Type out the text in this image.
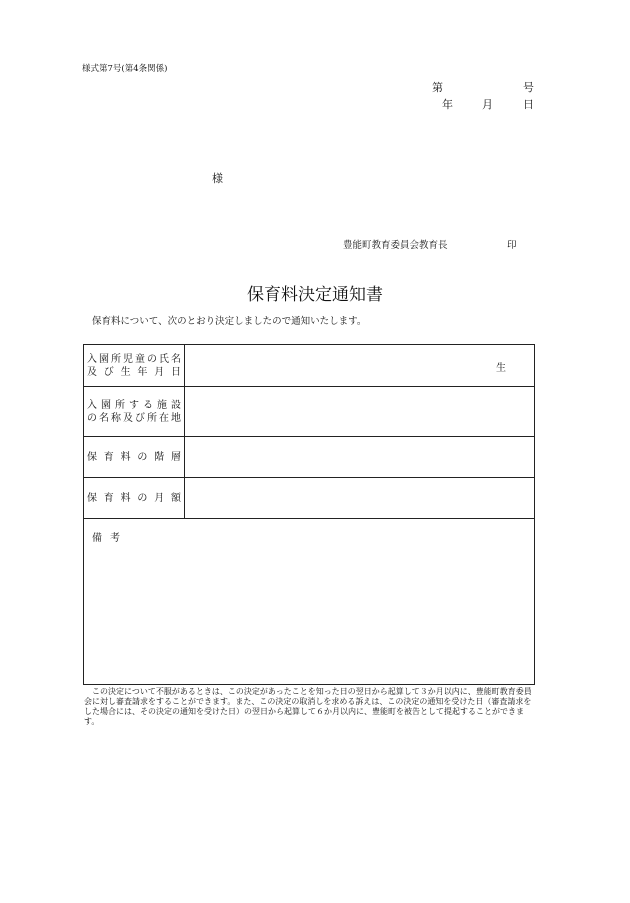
様式第7号(第4条関係)
第	号
年	月	日
様
豊能町教育委員会教育長	印
保育料決定通知書
保育料について、次のとおり決定しましたので通知いたします。
入園所児童の氏名
及 び 生 年 月 日	生

入 園 所 す る 施 設
の名称及び所在地	

保 育 料 の 階 層	

保 育 料 の 月 額	

備考	
この決定について不服があるときは、この決定があったことを知った日の翌日から起算して３か月以内に、豊能町教育委員会に対し審査請求をすることができます。また、この決定の取消しを求める訴えは、この決定の通知を受けた日（審査請求をした場合には、その決定の通知を受けた日）の翌日から起算して６か月以内に、豊能町を被告として提起することができます。
